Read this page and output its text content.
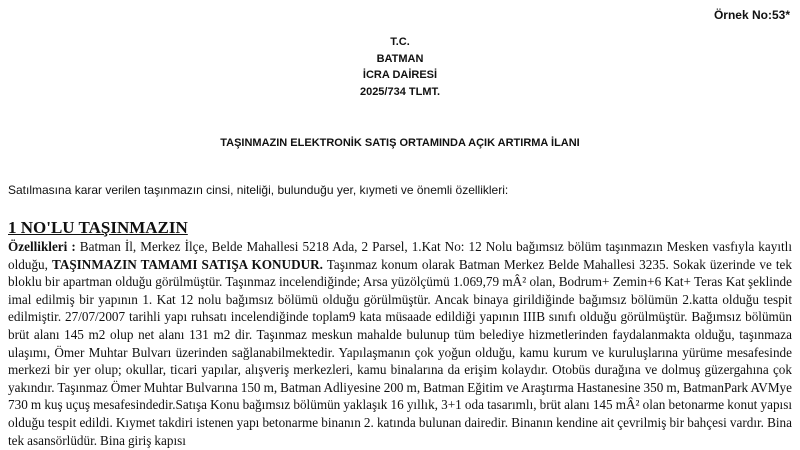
Örnek No:53*
T.C.
BATMAN
İCRA DAİRESİ
2025/734 TLMT.
TAŞINMAZIN ELEKTRONİK SATIŞ ORTAMINDA AÇIK ARTIRMA İLANI
Satılmasına karar verilen taşınmazın cinsi, niteliği, bulunduğu yer, kıymeti ve önemli özellikleri:
1 NO'LU TAŞINMAZIN
Özellikleri : Batman İl, Merkez İlçe, Belde Mahallesi 5218 Ada, 2 Parsel, 1.Kat No: 12 Nolu bağımsız bölüm taşınmazın Mesken vasfıyla kayıtlı olduğu, TAŞINMAZIN TAMAMI SATIŞA KONUDUR. Taşınmaz konum olarak Batman Merkez Belde Mahallesi 3235. Sokak üzerinde ve tek bloklu bir apartman olduğu görülmüştür. Taşınmaz incelendiğinde; Arsa yüzölçümü 1.069,79 mÂ² olan, Bodrum+ Zemin+6 Kat+ Teras Kat şeklinde imal edilmiş bir yapının 1. Kat 12 nolu bağımsız bölümü olduğu görülmüştür. Ancak binaya girildiğinde bağımsız bölümün 2.katta olduğu tespit edilmiştir. 27/07/2007 tarihli yapı ruhsatı incelendiğinde toplam9 kata müsaade edildiği yapının IIIB sınıfı olduğu görülmüştür. Bağımsız bölümün brüt alanı 145 m2 olup net alanı 131 m2 dir. Taşınmaz meskun mahalde bulunup tüm belediye hizmetlerinden faydalanmakta olduğu, taşınmaza ulaşımı, Ömer Muhtar Bulvarı üzerinden sağlanabilmektedir. Yapılaşmanın çok yoğun olduğu, kamu kurum ve kuruluşlarına yürüme mesafesinde merkezi bir yer olup; okullar, ticari yapılar, alışveriş merkezleri, kamu binalarına da erişim kolaydır. Otobüs durağına ve dolmuş güzergahına çok yakındır. Taşınmaz Ömer Muhtar Bulvarına 150 m, Batman Adliyesine 200 m, Batman Eğitim ve Araştırma Hastanesine 350 m, BatmanPark AVMye 730 m kuş uçuş mesafesindedir.Satışa Konu bağımsız bölümün yaklaşık 16 yıllık, 3+1 oda tasarımlı, brüt alanı 145 mÂ² olan betonarme konut yapısı olduğu tespit edildi. Kıymet takdiri istenen yapı betonarme binanın 2. katında bulunan dairedir. Binanın kendine ait çevrilmiş bir bahçesi vardır. Bina tek asansörlüdür. Bina giriş kapısı
